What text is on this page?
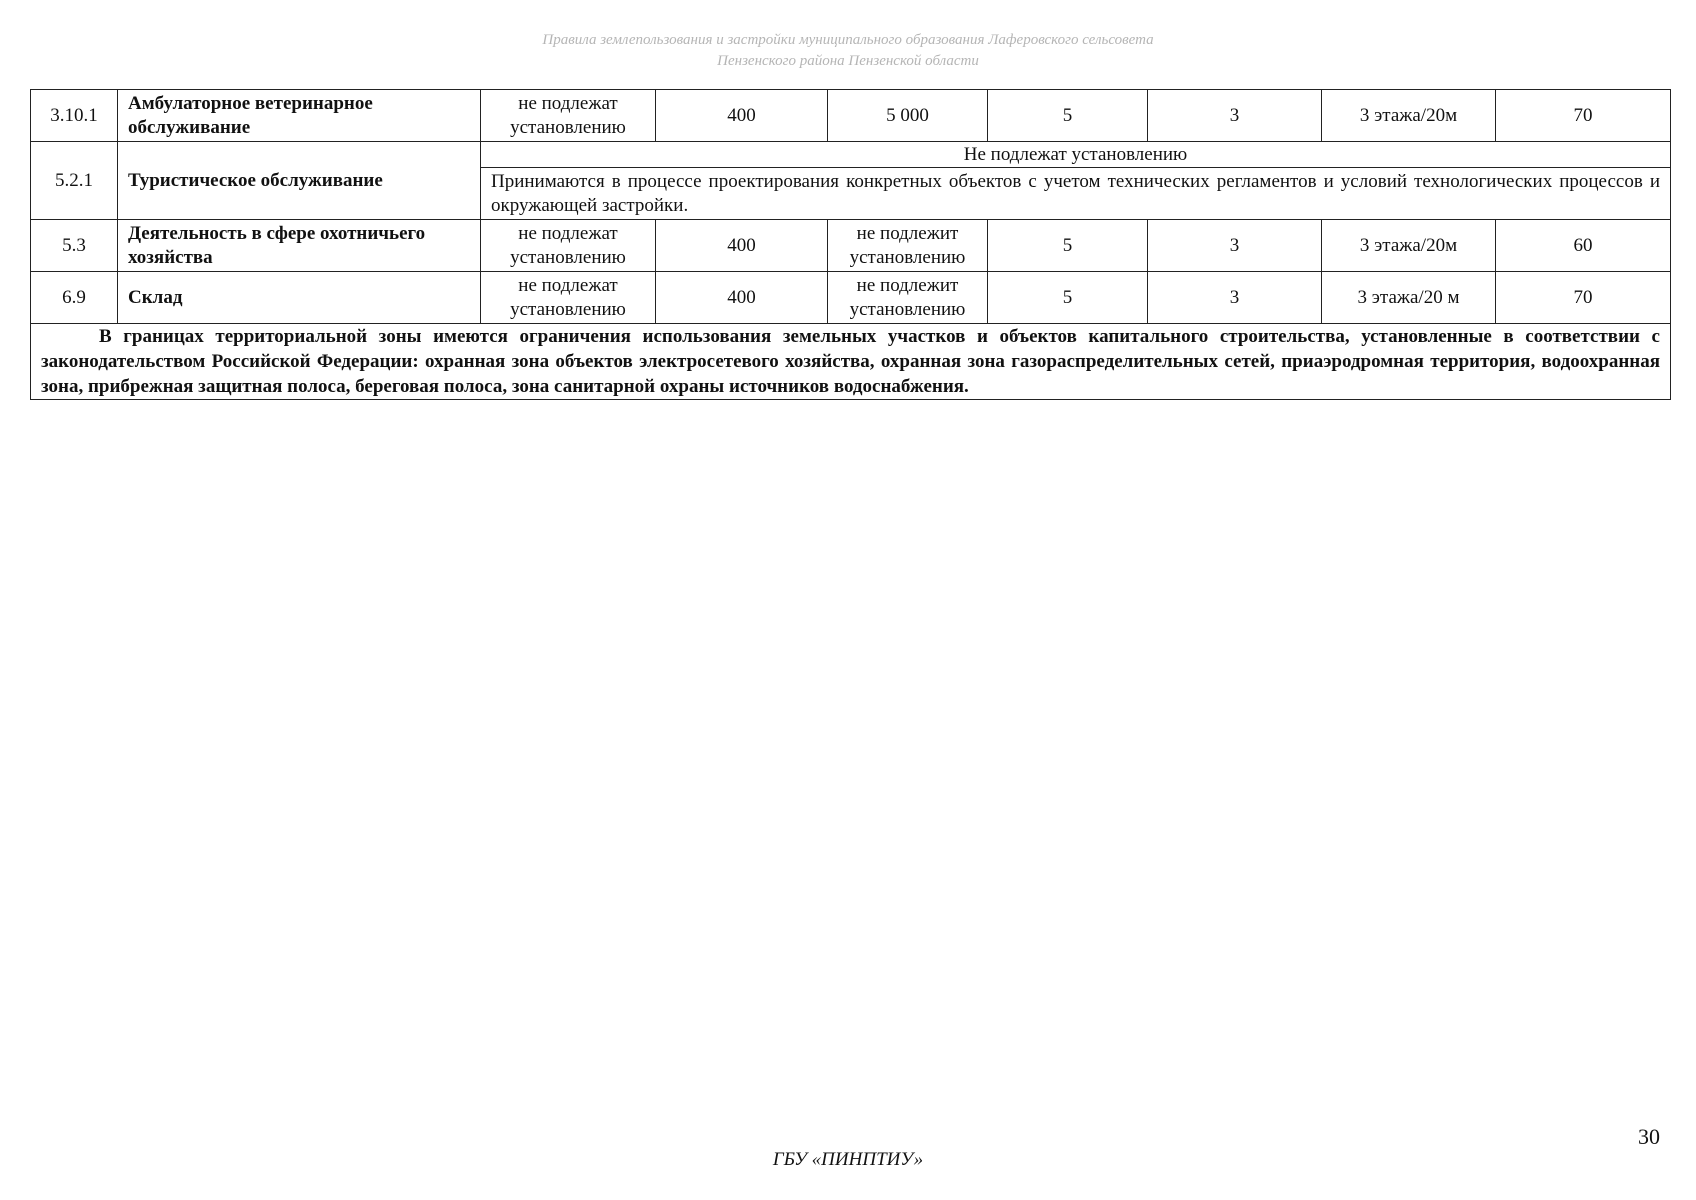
Правила землепользования и застройки муниципального образования Лаферовского сельсовета
Пензенского района Пензенской области
3.10.1	Амбулаторное ветеринарное обслуживание	не подлежат установлению	400	5 000	5	3	3 этажа/20м	70
5.2.1	Туристическое обслуживание	Не подлежат установлению						
		Принимаются в процессе проектирования конкретных объектов с учетом технических регламентов и условий технологических процессов и окружающей застройки.						
5.3	Деятельность в сфере охотничьего хозяйства	не подлежат установлению	400	не подлежит установлению	5	3	3 этажа/20м	60
6.9	Склад	не подлежат установлению	400	не подлежит установлению	5	3	3 этажа/20 м	70
В границах территориальной зоны имеются ограничения использования земельных участков и объектов капитального строительства, установленные в соответствии с законодательством Российской Федерации: охранная зона объектов электросетевого хозяйства, охранная зона газораспределительных сетей, приаэродромная территория, водоохранная зона, прибрежная защитная полоса, береговая полоса, зона санитарной охраны источников водоснабжения.								
30
ГБУ «ПИНПТИУ»
